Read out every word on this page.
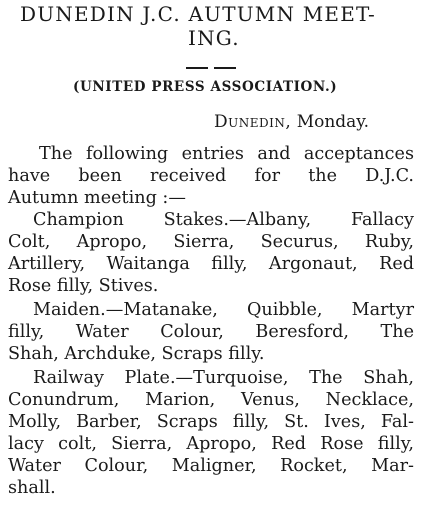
DUNEDIN J.C. AUTUMN MEET-
ING.
(UNITED PRESS ASSOCIATION.)
Dunedin, Monday.
The following entries and acceptances
have been received for the D.J.C.
Autumn meeting :—
Champion Stakes.—Albany, Fallacy
Colt, Apropo, Sierra, Securus, Ruby,
Artillery, Waitanga filly, Argonaut, Red
Rose filly, Stives.
Maiden.—Matanake, Quibble, Martyr
filly, Water Colour, Beresford, The
Shah, Archduke, Scraps filly.
Railway Plate.—Turquoise, The Shah,
Conundrum, Marion, Venus, Necklace,
Molly, Barber, Scraps filly, St. Ives, Fal-
lacy colt, Sierra, Apropo, Red Rose filly,
Water Colour, Maligner, Rocket, Mar-
shall.
